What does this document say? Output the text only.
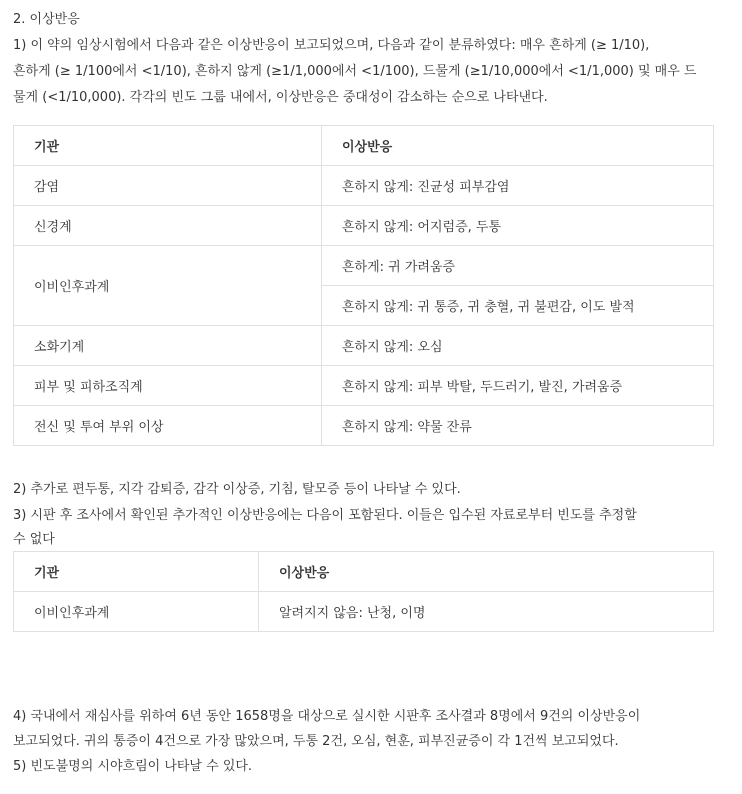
2. 이상반응
1) 이 약의 임상시험에서 다음과 같은 이상반응이 보고되었으며, 다음과 같이 분류하였다: 매우 흔하게 (≥ 1/10),
흔하게 (≥ 1/100에서 <1/10), 흔하지 않게 (≥1/1,000에서 <1/100), 드물게 (≥1/10,000에서 <1/1,000) 및 매우 드
물게 (<1/10,000). 각각의 빈도 그룹 내에서, 이상반응은 중대성이 감소하는 순으로 나타낸다.
기관	이상반응
감염	흔하지 않게: 진균성 피부감염
신경계	흔하지 않게: 어지럼증, 두통
이비인후과계	흔하게: 귀 가려움증
	흔하지 않게: 귀 통증, 귀 충혈, 귀 불편감, 이도 발적
소화기계	흔하지 않게: 오심
피부 및 피하조직계	흔하지 않게: 피부 박탈, 두드러기, 발진, 가려움증
전신 및 투여 부위 이상	흔하지 않게: 약물 잔류
2) 추가로 편두통, 지각 감퇴증, 감각 이상증, 기침, 탈모증 등이 나타날 수 있다.
3) 시판 후 조사에서 확인된 추가적인 이상반응에는 다음이 포함된다. 이들은 입수된 자료로부터 빈도를 추정할
수 없다
기관	이상반응
이비인후과계	알려지지 않음: 난청, 이명
4) 국내에서 재심사를 위하여 6년 동안 1658명을 대상으로 실시한 시판후 조사결과 8명에서 9건의 이상반응이
보고되었다. 귀의 통증이 4건으로 가장 많았으며, 두통 2건, 오심, 현훈, 피부진균증이 각 1건씩 보고되었다.
5) 빈도불명의 시야흐림이 나타날 수 있다.
